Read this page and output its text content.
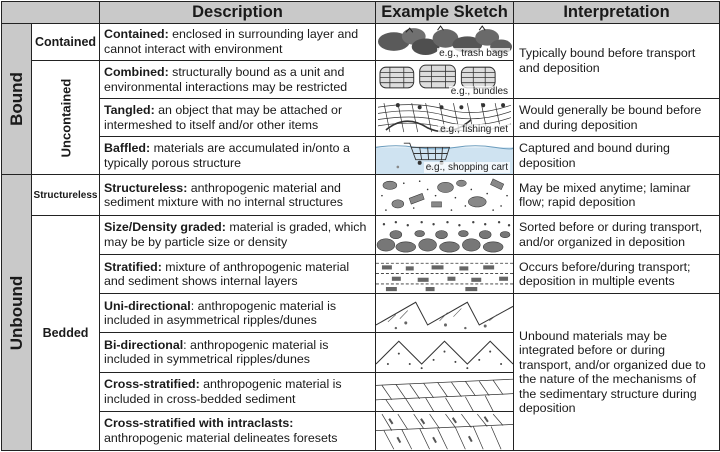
		Description	Example Sketch	Interpretation

Bound	Contained	Contained: enclosed in surrounding layer and cannot interact with environment	e.g., trash bags	Typically bound before transport and deposition

	Uncontained	Combined: structurally bound as a unit and environmental interactions may be restricted	e.g., bundles	

		Tangled: an object that may be attached or intermeshed to itself and/or other items	e.g., fishing net	Would generally be bound before and during deposition
		Baffled: materials are accumulated in/onto a typically porous structure	e.g., shopping cart	Captured and bound during deposition

Unbound	Structureless	Structureless: anthropogenic material and sediment mixture with no internal structures		May be mixed anytime; laminar flow; rapid deposition
	Bedded	Size/Density graded: material is graded, which may be by particle size or density		Sorted before or during transport, and/or organized in deposition
		Stratified: mixture of anthropogenic material and sediment shows internal layers		Occurs before/during transport; deposition in multiple events
		Uni-directional: anthropogenic material is included in asymmetrical ripples/dunes		Unbound materials may be integrated before or during transport, and/or organized due to the nature of the mechanisms of the sedimentary structure during deposition
		Bi-directional: anthropogenic material is included in symmetrical ripples/dunes	

		Cross-stratified: anthropogenic material is included in cross-bedded sediment	

		Cross-stratified with intraclasts: anthropogenic material delineates foresets	
